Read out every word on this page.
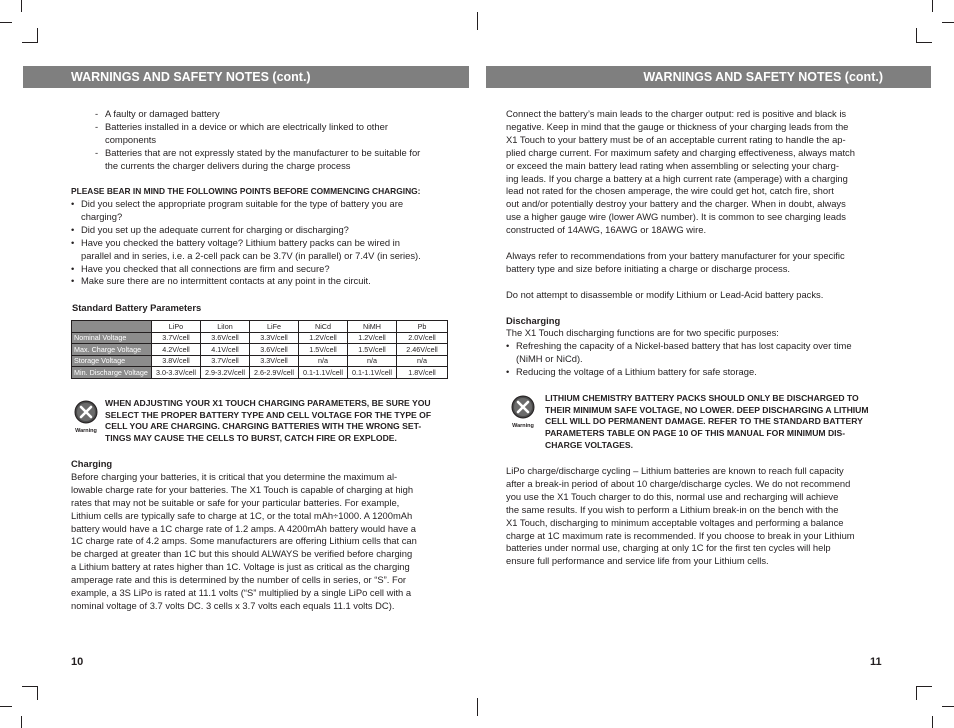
WARNINGS AND SAFETY NOTES (cont.)	WARNINGS AND SAFETY NOTES (cont.)
- A faulty or damaged battery
- Batteries installed in a device or which are electrically linked to other
components
- Batteries that are not expressly stated by the manufacturer to be suitable for
the currents the charger delivers during the charge process
PLEASE BEAR IN MIND THE FOLLOWING POINTS BEFORE COMMENCING CHARGING:
• Did you select the appropriate program suitable for the type of battery you are
charging?
• Did you set up the adequate current for charging or discharging?
• Have you checked the battery voltage? Lithium battery packs can be wired in
parallel and in series, i.e. a 2-cell pack can be 3.7V (in parallel) or 7.4V (in series).
• Have you checked that all connections are firm and secure?
• Make sure there are no intermittent contacts at any point in the circuit.
Standard Battery Parameters
	LiPo	LiIon	LiFe	NiCd	NiMH	Pb
Nominal Voltage	3.7V/cell	3.6V/cell	3.3V/cell	1.2V/cell	1.2V/cell	2.0V/cell
Max. Charge Voltage	4.2V/cell	4.1V/cell	3.6V/cell	1.5V/cell	1.5V/cell	2.46V/cell
Storage Voltage	3.8V/cell	3.7V/cell	3.3V/cell	n/a	n/a	n/a
Min. Discharge Voltage	3.0-3.3V/cell	2.9-3.2V/cell	2.6-2.9V/cell	0.1-1.1V/cell	0.1-1.1V/cell	1.8V/cell
Warning
WHEN ADJUSTING YOUR X1 TOUCH CHARGING PARAMETERS, BE SURE YOU
SELECT THE PROPER BATTERY TYPE AND CELL VOLTAGE FOR THE TYPE OF
CELL YOU ARE CHARGING. CHARGING BATTERIES WITH THE WRONG SET-
TINGS MAY CAUSE THE CELLS TO BURST, CATCH FIRE OR EXPLODE.

Charging

Before charging your batteries, it is critical that you determine the maximum al-

lowable charge rate for your batteries. The X1 Touch is capable of charging at high

rates that may not be suitable or safe for your particular batteries. For example,

Lithium cells are typically safe to charge at 1C, or the total mAh÷1000. A 1200mAh

battery would have a 1C charge rate of 1.2 amps. A 4200mAh battery would have a

1C charge rate of 4.2 amps. Some manufacturers are offering Lithium cells that can

be charged at greater than 1C but this should ALWAYS be verified before charging

a Lithium battery at rates higher than 1C. Voltage is just as critical as the charging

amperage rate and this is determined by the number of cells in series, or “S”. For

example, a 3S LiPo is rated at 11.1 volts (“S” multiplied by a single LiPo cell with a

nominal voltage of 3.7 volts DC. 3 cells x 3.7 volts each equals 11.1 volts DC).

10

Connect the battery’s main leads to the charger output: red is positive and black is

negative. Keep in mind that the gauge or thickness of your charging leads from the

X1 Touch to your battery must be of an acceptable current rating to handle the ap-

plied charge current. For maximum safety and charging effectiveness, always match

or exceed the main battery lead rating when assembling or selecting your charg-

ing leads. If you charge a battery at a high current rate (amperage) with a charging

lead not rated for the chosen amperage, the wire could get hot, catch fire, short

out and/or potentially destroy your battery and the charger. When in doubt, always

use a higher gauge wire (lower AWG number). It is common to see charging leads

constructed of 14AWG, 16AWG or 18AWG wire.

Always refer to recommendations from your battery manufacturer for your specific

battery type and size before initiating a charge or discharge process.

Do not attempt to disassemble or modify Lithium or Lead-Acid battery packs.

Discharging

The X1 Touch discharging functions are for two specific purposes:

• Refreshing the capacity of a Nickel-based battery that has lost capacity over time
(NiMH or NiCd).
• Reducing the voltage of a Lithium battery for safe storage.
Warning
LITHIUM CHEMISTRY BATTERY PACKS SHOULD ONLY BE DISCHARGED TO
THEIR MINIMUM SAFE VOLTAGE, NO LOWER. DEEP DISCHARGING A LITHIUM
CELL WILL DO PERMANENT DAMAGE. REFER TO THE STANDARD BATTERY
PARAMETERS TABLE ON PAGE 10 OF THIS MANUAL FOR MINIMUM DIS-
CHARGE VOLTAGES.

LiPo charge/discharge cycling – Lithium batteries are known to reach full capacity

after a break-in period of about 10 charge/discharge cycles. We do not recommend

you use the X1 Touch charger to do this, normal use and recharging will achieve

the same results. If you wish to perform a Lithium break-in on the bench with the

X1 Touch, discharging to minimum acceptable voltages and performing a balance

charge at 1C maximum rate is recommended. If you choose to break in your Lithium

batteries under normal use, charging at only 1C for the first ten cycles will help

ensure full performance and service life from your Lithium cells.

11
